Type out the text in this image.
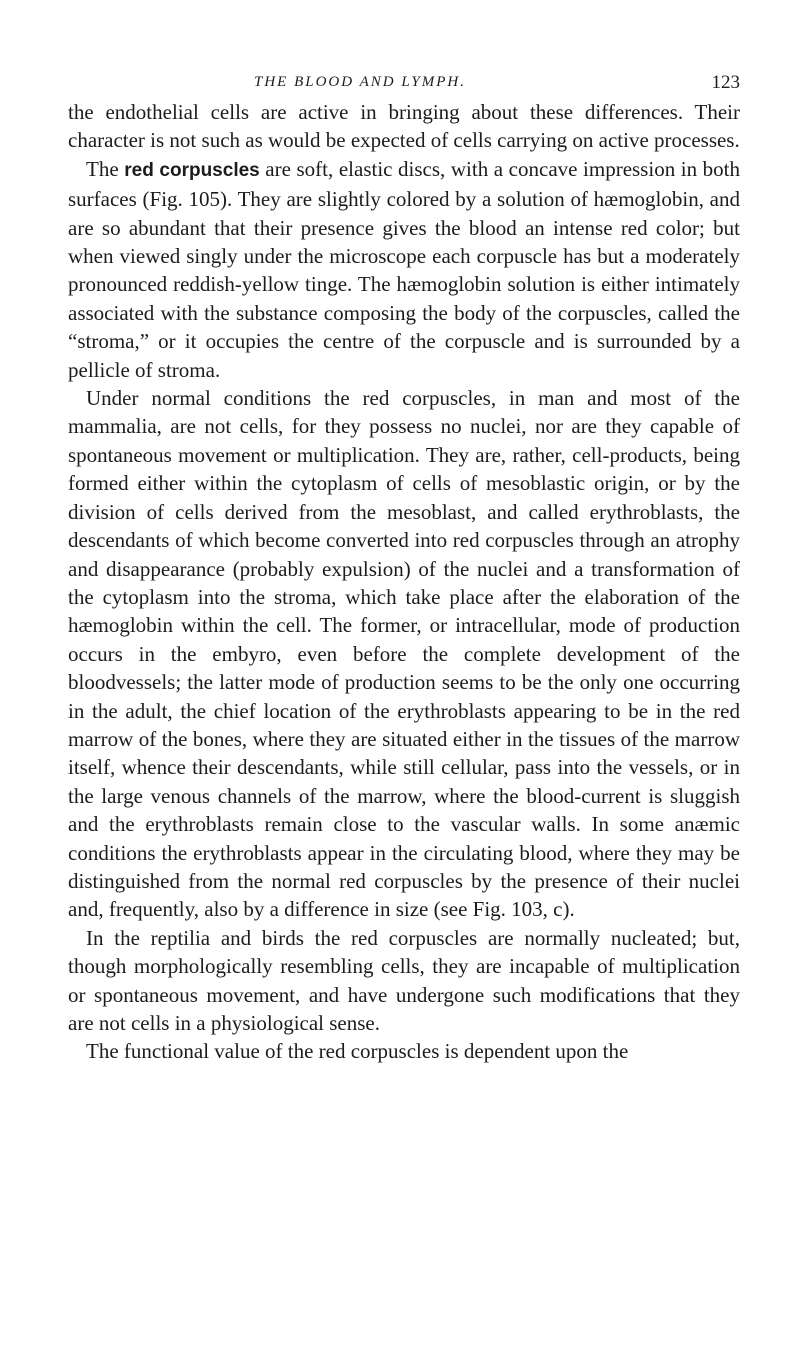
THE BLOOD AND LYMPH.	123

the endothelial cells are active in bringing about these differences. Their character is not such as would be expected of cells carrying on active processes.

The red corpuscles are soft, elastic discs, with a concave impression in both surfaces (Fig. 105). They are slightly colored by a solution of hæmoglobin, and are so abundant that their presence gives the blood an intense red color; but when viewed singly under the microscope each corpuscle has but a moderately pronounced reddish-yellow tinge. The hæmoglobin solution is either intimately associated with the substance composing the body of the corpuscles, called the “stroma,” or it occupies the centre of the corpuscle and is surrounded by a pellicle of stroma.

Under normal conditions the red corpuscles, in man and most of the mammalia, are not cells, for they possess no nuclei, nor are they capable of spontaneous movement or multiplication. They are, rather, cell-products, being formed either within the cytoplasm of cells of mesoblastic origin, or by the division of cells derived from the mesoblast, and called erythroblasts, the descendants of which become converted into red corpuscles through an atrophy and disappearance (probably expulsion) of the nuclei and a transformation of the cytoplasm into the stroma, which take place after the elaboration of the hæmoglobin within the cell. The former, or intracellular, mode of production occurs in the embyro, even before the complete development of the bloodvessels; the latter mode of production seems to be the only one occurring in the adult, the chief location of the erythroblasts appearing to be in the red marrow of the bones, where they are situated either in the tissues of the marrow itself, whence their descendants, while still cellular, pass into the vessels, or in the large venous channels of the marrow, where the blood-current is sluggish and the erythroblasts remain close to the vascular walls. In some anæmic conditions the erythroblasts appear in the circulating blood, where they may be distinguished from the normal red corpuscles by the presence of their nuclei and, frequently, also by a difference in size (see Fig. 103, c).

In the reptilia and birds the red corpuscles are normally nucleated; but, though morphologically resembling cells, they are incapable of multiplication or spontaneous movement, and have undergone such modifications that they are not cells in a physiological sense.

The functional value of the red corpuscles is dependent upon the
